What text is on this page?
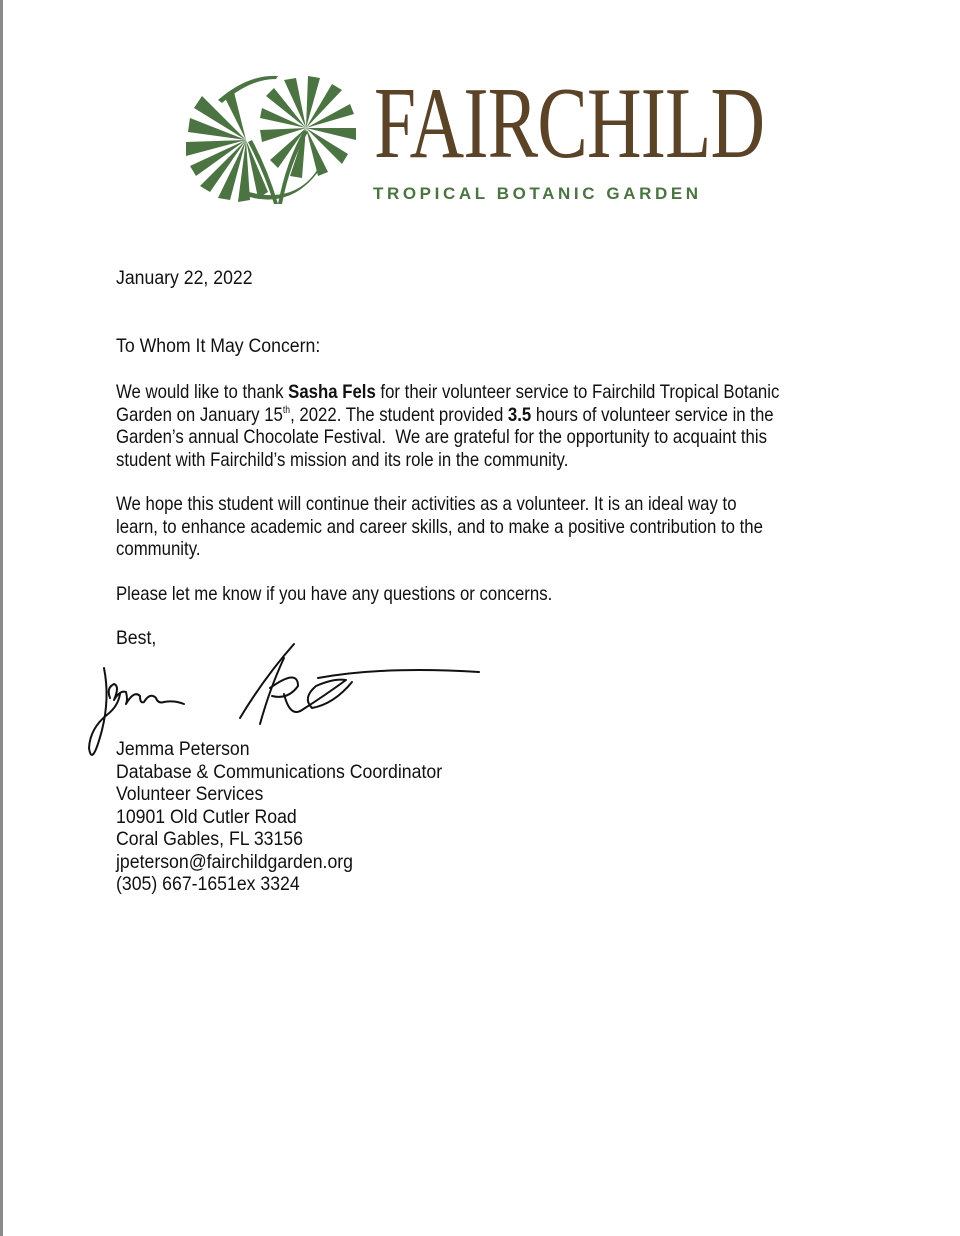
FAIRCHILD
TROPICAL BOTANIC GARDEN
January 22, 2022
To Whom It May Concern:
We would like to thank Sasha Fels for their volunteer service to Fairchild Tropical Botanic
Garden on January 15th, 2022. The student provided 3.5 hours of volunteer service in the
Garden’s annual Chocolate Festival.  We are grateful for the opportunity to acquaint this
student with Fairchild’s mission and its role in the community.
We hope this student will continue their activities as a volunteer. It is an ideal way to
learn, to enhance academic and career skills, and to make a positive contribution to the
community.
Please let me know if you have any questions or concerns.
Best,
Jemma Peterson
Database & Communications Coordinator
Volunteer Services
10901 Old Cutler Road
Coral Gables, FL 33156
jpeterson@fairchildgarden.org
(305) 667-1651ex 3324
